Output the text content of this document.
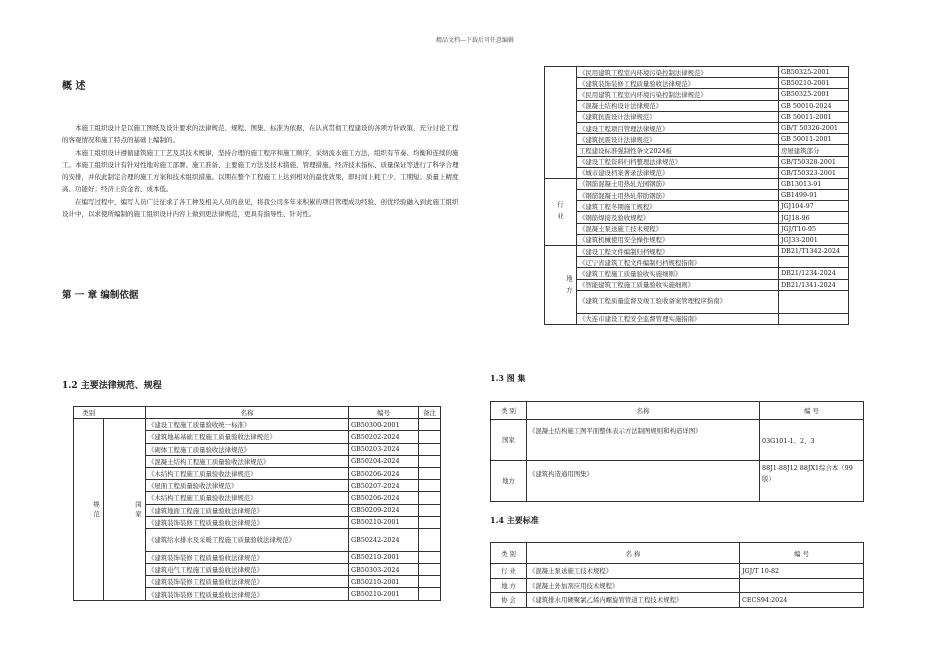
精品文档---下载后可任意编辑
概 述

本施工组织设计是以施工图纸及设计要求的法律规范、规程、图集、标准为依据，在认真贯彻工程建设的各项方针政策，充分讨论工程的客观情况和施工特点的基础上编制的。

本施工组织设计遵循建筑施工工艺及其技术规律，坚持合理的施工程序和施工顺序，采纳流水施工方法，组织有节奏、均衡和连续的施工。本施工组织设计有针对性地对施工部署、施工准备、主要施工方法及技术措施、管理措施、经济技术指标、质量保证等进行了科学合理的安排，并依此制定合理的施工方案和技术组织措施。以期在整个工程施工上达到相对的最优效果，即时间上耗工少、工期短；质量上精度高、功能好；经济上资金省、成本低。

在编写过程中，编写人员广泛征求了各工种及相关人员的意见，将我公司多年来积累的项目管理成功经验、创优经验融入到此施工组织设计中，以求使所编制的施工组织设计内容上做到更法律规范，更具有指导性、针对性。

第 一 章 编制依据
1.2 主要法律规范、规程
类别		名称	编号	备注
规范	国家	《建设工程施工质量验收统一标准》	GB50300-2001	
		《建筑地基基础工程施工质量验收法律规范》	GB50202-2024	
		《砌体工程施工质量验收法律规范》	GB50203-2024	
		《混凝土结构工程施工质量验收法律规范》	GB50204-2024	
		《木结构工程施工质量验收法律规范》	GB50206-2024	
		《屋面工程质量验收法律规范》	GB50207-2024	
		《木结构工程施工质量验收法律规范》	GB50206-2024	
		《建筑地面工程施工质量验收法律规范》	GB50209-2024	
		《建筑装饰装修工程质量验收法律规范》	GB50210-2001	
		《建筑给水排水及采暖工程施工质量验收法律规范》	GB50242-2024	
		《建筑装饰装修工程质量验收法律规范》	GB50210-2001	
		《建筑电气工程施工质量验收法律规范》	GB50303-2024	
		《建筑装饰装修工程质量验收法律规范》	GB50210-2001	
		《建筑装饰装修工程质量验收法律规范》	GB50210-2001	
	《民用建筑工程室内环境污染控制法律规范》	GB50325-2001
	《建筑装饰装修工程质量验收法律规范》	GB50210-2001
	《民用建筑工程室内环境污染控制法律规范》	GB50325-2001
	《混凝土结构设计法律规范》	GB 50010-2024
	《建筑抗震设计法律规范》	GB 50011-2001
	《建设工程项目管理法律规范》	GB/T 50326-2001
	《建筑抗震设计法律规范》	GB 50011-2001
	工程建设标准强制性条文2024板	房屋建筑部分
	《建设工程资料归档整理法律规范》	GB/T50328-2001
	《城市建设档案著录法律规范》	GB/T50323-2001
行业	《钢筋混凝土用热轧光园钢筋》	GB13013-91
	《钢筋混凝土用热轧带肋钢筋》	GB1499-91
	《建筑工程冬期施工规程》	JGJ104-97
	《钢筋焊接及验收规程》	JGJ18-96
	《混凝土泵送施工技术规程》	JGJ/T10-95
	《建筑机械使用安全操作规程》	JGJ33-2001
地方	《建设工程文件编制归档规程》	DB21/T1342-2024
	《辽宁省建筑工程文件编制归档规程指南》	
	《建筑工程施工质量验收实施细则》	DB21/1234-2024
	《智能建筑工程施工质量验收实施细则》	DB21/1341-2024
	《建筑工程质量监督及竣工验收备案管理程序指南》	
	《大连市建设工程安全监督管理实施指南》	
1.3 图 集
类 别	名称	编 号
国家	《混凝土结构施工图平面整体表示方法制图规则和构造详图》	03G101-1、2、3
地方	《建筑构造通用图集》	88J1-88J12 88JX1综合本（99版）
1.4 主要标准
类 别	名 称	编 号
行 业	《混凝土泵送施工技术规程》	JGJ/T 10-82
地 方	《混凝土外加剂应用技术规程》	
协 会	《建筑排水用硬聚氯乙烯内螺旋管管道工程技术规程》	CECS94:2024
